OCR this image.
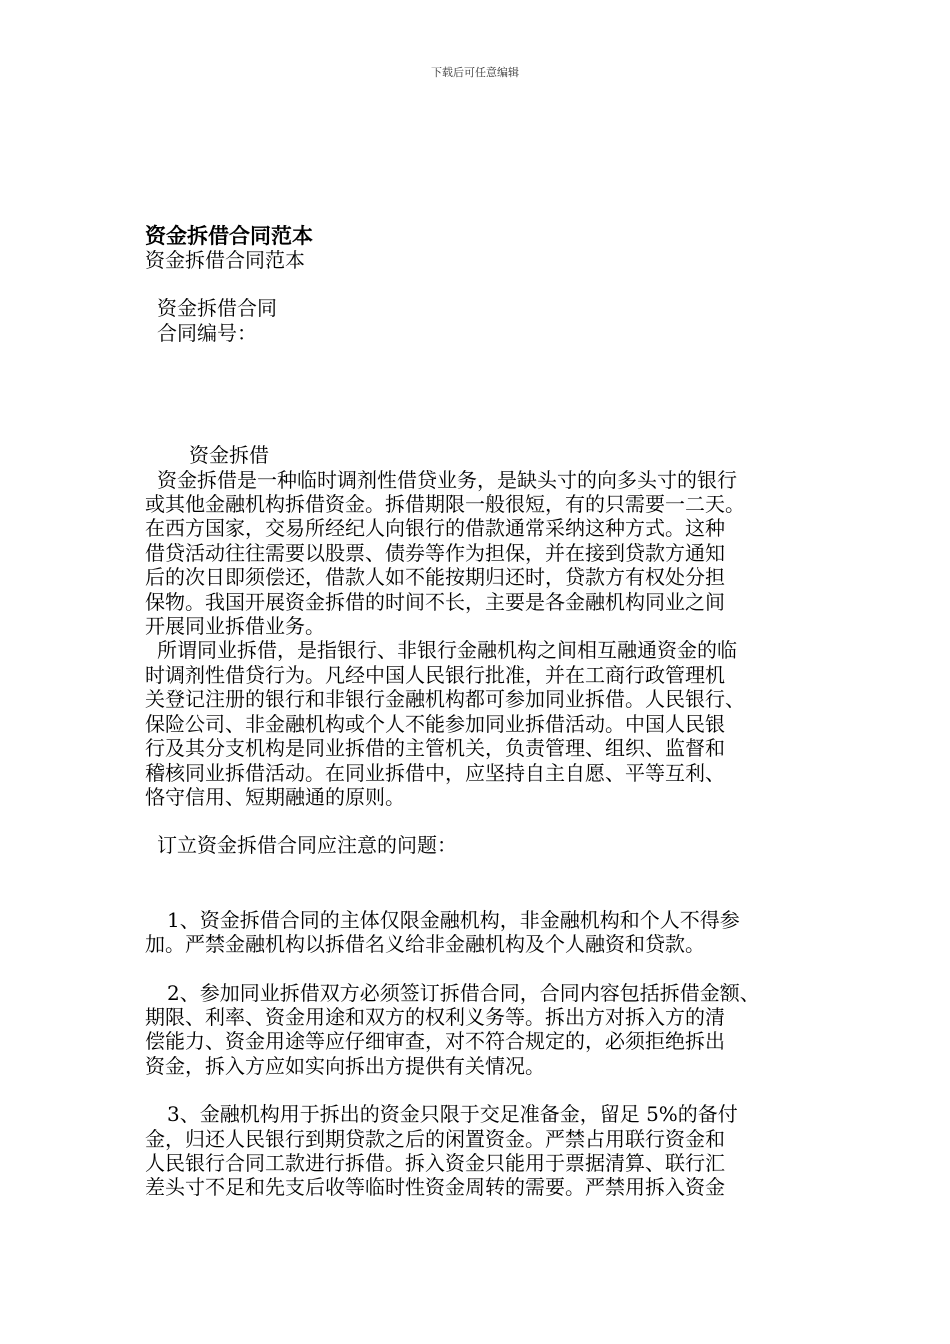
下载后可任意编辑
资金拆借合同范本
资金拆借合同范本
资金拆借合同
合同编号：
资金拆借
资金拆借是一种临时调剂性借贷业务，是缺头寸的向多头寸的银行
或其他金融机构拆借资金。拆借期限一般很短，有的只需要一二天。
在西方国家，交易所经纪人向银行的借款通常采纳这种方式。这种
借贷活动往往需要以股票、债券等作为担保，并在接到贷款方通知
后的次日即须偿还，借款人如不能按期归还时，贷款方有权处分担
保物。我国开展资金拆借的时间不长，主要是各金融机构同业之间
开展同业拆借业务。
所谓同业拆借，是指银行、非银行金融机构之间相互融通资金的临
时调剂性借贷行为。凡经中国人民银行批准，并在工商行政管理机
关登记注册的银行和非银行金融机构都可参加同业拆借。人民银行、
保险公司、非金融机构或个人不能参加同业拆借活动。中国人民银
行及其分支机构是同业拆借的主管机关，负责管理、组织、监督和
稽核同业拆借活动。在同业拆借中，应坚持自主自愿、平等互利、
恪守信用、短期融通的原则。
订立资金拆借合同应注意的问题：
1、资金拆借合同的主体仅限金融机构，非金融机构和个人不得参
加。严禁金融机构以拆借名义给非金融机构及个人融资和贷款。
2、参加同业拆借双方必须签订拆借合同，合同内容包括拆借金额、
期限、利率、资金用途和双方的权利义务等。拆出方对拆入方的清
偿能力、资金用途等应仔细审查，对不符合规定的，必须拒绝拆出
资金，拆入方应如实向拆出方提供有关情况。
3、金融机构用于拆出的资金只限于交足准备金，留足 5%的备付
金，归还人民银行到期贷款之后的闲置资金。严禁占用联行资金和
人民银行合同工款进行拆借。拆入资金只能用于票据清算、联行汇
差头寸不足和先支后收等临时性资金周转的需要。严禁用拆入资金
